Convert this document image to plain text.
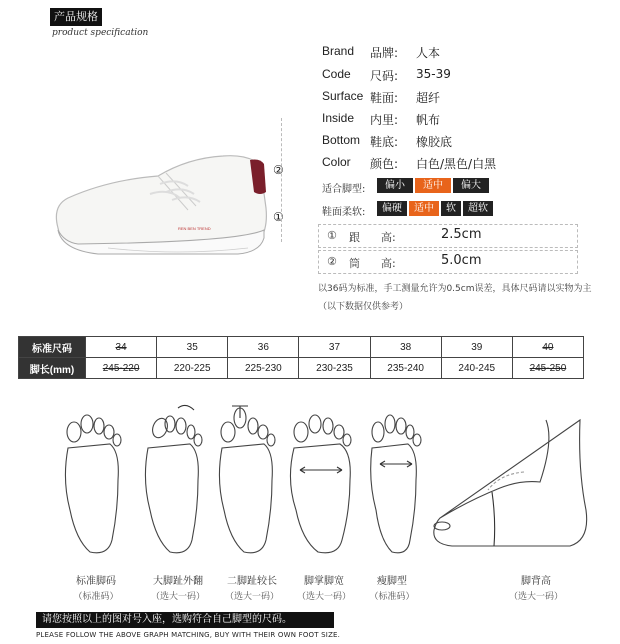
产品规格
product specification
REN BEN TREND
②
①
Brand 品牌: 人本
Code 尺码: 35-39
Surface 鞋面: 超纤
Inside 内里: 帆布
Bottom 鞋底: 橡胶底
Color 颜色: 白色/黑色/白黑
适合脚型:	偏小	适中	偏大
鞋面柔软:	偏硬	适中	软	超软
① 跟 高:	2.5cm
② 筒 高:	5.0cm
以36码为标准，手工测量允许为0.5cm误差，具体尺码请以实物为主
（以下数据仅供参考）
标准尺码	34	35	36	37	38	39	40
脚长(mm)	245-220	220-225	225-230	230-235	235-240	240-245	245-250
标准脚码
（标准码）
大脚趾外翻
（选大一码）
二脚趾较长
（选大一码）
脚掌脚宽
（选大一码）
瘦脚型
（标准码）
脚背高
（选大一码）
请您按照以上的图对号入座，选购符合自己脚型的尺码。
PLEASE FOLLOW THE ABOVE GRAPH MATCHING, BUY WITH THEIR OWN FOOT SIZE.
